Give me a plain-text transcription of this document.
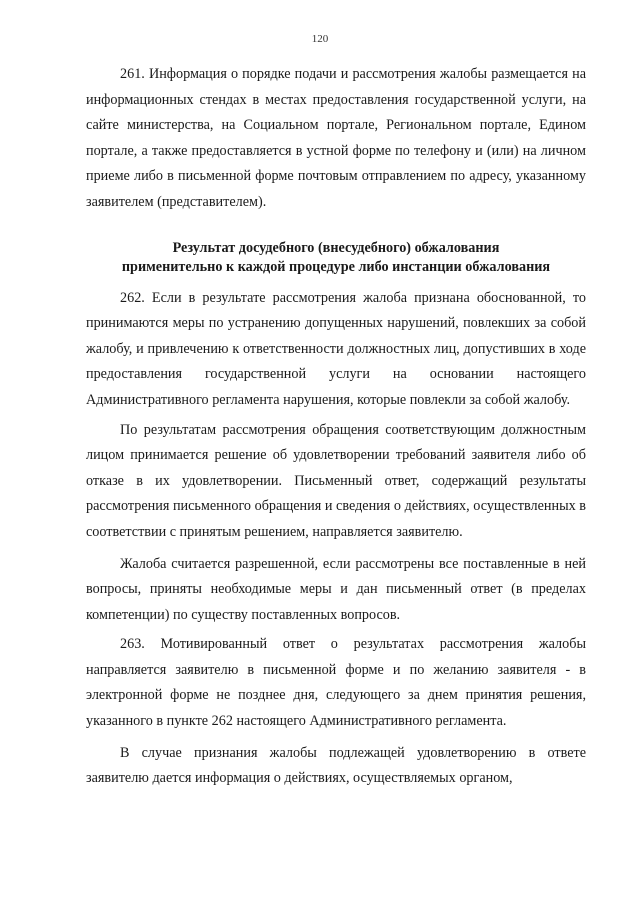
120

261. Информация о порядке подачи и рассмотрения жалобы размещается на информационных стендах в местах предоставления государственной услуги, на сайте министерства, на Социальном портале, Региональном портале, Едином портале, а также предоставляется в устной форме по телефону и (или) на личном приеме либо в письменной форме почтовым отправлением по адресу, указанному заявителем (представителем).

Результат досудебного (внесудебного) обжалования
применительно к каждой процедуре либо инстанции обжалования

262. Если в результате рассмотрения жалоба признана обоснованной, то принимаются меры по устранению допущенных нарушений, повлекших за собой жалобу, и привлечению к ответственности должностных лиц, допустивших в ходе предоставления государственной услуги на основании настоящего Административного регламента нарушения, которые повлекли за собой жалобу.

По результатам рассмотрения обращения соответствующим должностным лицом принимается решение об удовлетворении требований заявителя либо об отказе в их удовлетворении. Письменный ответ, содержащий результаты рассмотрения письменного обращения и сведения о действиях, осуществленных в соответствии с принятым решением, направляется заявителю.

Жалоба считается разрешенной, если рассмотрены все поставленные в ней вопросы, приняты необходимые меры и дан письменный ответ (в пределах компетенции) по существу поставленных вопросов.

263. Мотивированный ответ о результатах рассмотрения жалобы направляется заявителю в письменной форме и по желанию заявителя - в электронной форме не позднее дня, следующего за днем принятия решения, указанного в пункте 262 настоящего Административного регламента.

В случае признания жалобы подлежащей удовлетворению в ответе заявителю дается информация о действиях, осуществляемых органом,
